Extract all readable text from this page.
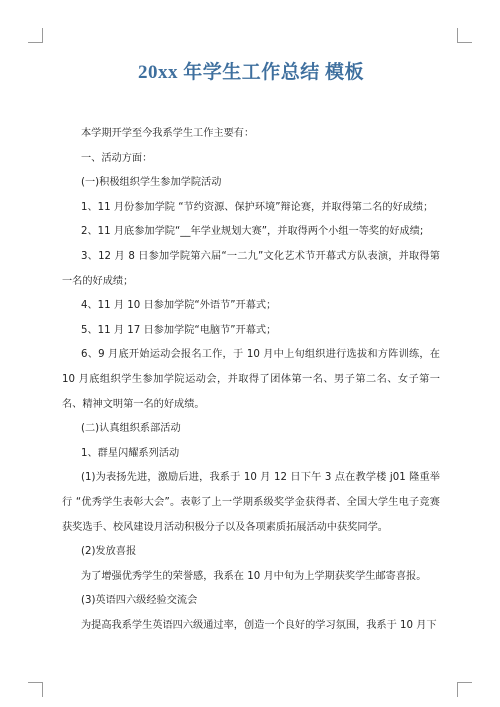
20xx 年学生工作总结 模板

本学期开学至今我系学生工作主要有：

一、活动方面：

(一)积极组织学生参加学院活动

1、11 月份参加学院 “节约资源、保护环境”辩论赛，并取得第二名的好成绩；

2、11 月底参加学院“__年学业规划大赛”，并取得两个小组一等奖的好成绩;

3、12 月 8 日参加学院第六届“一二九”文化艺术节开幕式方队表演，并取得第一名的好成绩；

4、11 月 10 日参加学院“外语节”开幕式；

5、11 月 17 日参加学院“电脑节”开幕式；

6、9 月底开始运动会报名工作，于 10 月中上旬组织进行选拔和方阵训练，在 10 月底组织学生参加学院运动会，并取得了团体第一名、男子第二名、女子第一名、精神文明第一名的好成绩。

(二)认真组织系部活动

1、群星闪耀系列活动

(1)为表扬先进，激励后进，我系于 10 月 12 日下午 3 点在教学楼 j01 隆重举行 “优秀学生表彰大会”。表彰了上一学期系级奖学金获得者、全国大学生电子竞赛获奖选手、校风建设月活动积极分子以及各项素质拓展活动中获奖同学。

(2)发放喜报

为了增强优秀学生的荣誉感，我系在 10 月中旬为上学期获奖学生邮寄喜报。

(3)英语四六级经验交流会

为提高我系学生英语四六级通过率，创造一个良好的学习氛围，我系于 10 月下
